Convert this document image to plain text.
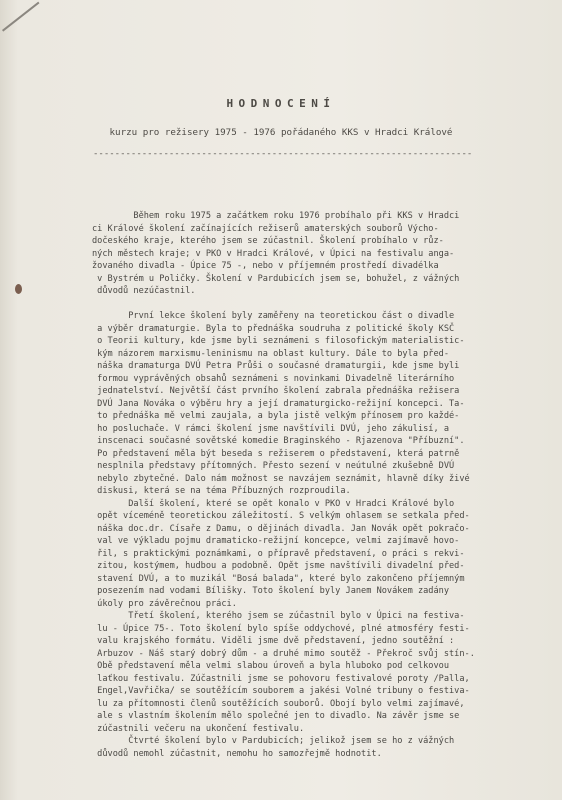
HODNOCENÍ
kurzu pro režisery 1975 - 1976 pořádaného KKS v Hradci Králové
----------------------------------------------------------------------
Během roku 1975 a začátkem roku 1976 probíhalo při KKS v Hradci
ci Králové školení začínajících režiserů amaterských souborů Výcho-
dočeského kraje, kterého jsem se zúčastnil. Školení probíhalo v růz-
ných městech kraje; v PKO v Hradci Králové, v Úpici na festivalu anga-
žovaného divadla - Úpice 75 -, nebo v příjemném prostředí divadélka
v Bystrém u Poličky. Školení v Pardubicích jsem se, bohužel, z vážných
důvodů nezúčastnil.

První lekce školení byly zaměřeny na teoretickou část o divadle
a výběr dramaturgie. Byla to přednáška soudruha z politické školy KSČ
o Teorii kultury, kde jsme byli seznámeni s filosofickým materialistic-
kým názorem marxismu-leninismu na oblast kultury. Dále to byla před-
náška dramaturga DVÚ Petra Průši o současné dramaturgii, kde jsme byli
formou vyprávěných obsahů seznámeni s novinkami Divadelně literárního
jednatelství. Největší část prvního školení zabrala přednáška režisera
DVÚ Jana Nováka o výběru hry a její dramaturgicko-režijní koncepci. Ta-
to přednáška mě velmi zaujala, a byla jistě velkým přínosem pro každé-
ho posluchače. V rámci školení jsme navštívili DVÚ, jeho zákulisí, a
inscenaci současné sovětské komedie Braginského - Rjazenova "Příbuzní".
Po představení měla být beseda s režiserem o představení, která patrně
nesplnila představy přítomných. Přesto sezení v neútulné zkušebně DVÚ
nebylo zbytečné. Dalo nám možnost se navzájem seznámit, hlavně díky živé
diskusi, která se na téma Příbuzných rozproudila.
Další školení, které se opět konalo v PKO v Hradci Králové bylo
opět víceméně teoretickou záležitostí. S velkým ohlasem se setkala před-
náška doc.dr. Císaře z Damu, o dějinách divadla. Jan Novák opět pokračo-
val ve výkladu pojmu dramaticko-režijní koncepce, velmi zajímavě hovo-
řil, s praktickými poznámkami, o přípravě představení, o práci s rekvi-
zitou, kostýmem, hudbou a podobně. Opět jsme navštívili divadelní před-
stavení DVÚ, a to muzikál "Bosá balada", které bylo zakončeno příjemným
posezením nad vodami Bílišky. Toto školení byly Janem Novákem zadány
úkoly pro závěrečnou práci.
Třetí školení, kterého jsem se zúčastnil bylo v Úpici na festiva-
lu - Úpice 75-. Toto školení bylo spíše oddychové, plné atmosféry festi-
valu krajského formátu. Viděli jsme dvě představení, jedno soutěžní :
Arbuzov - Náš starý dobrý dům - a druhé mimo soutěž - Překroč svůj stín-.
Obě představení měla velmi slabou úroveň a byla hluboko pod celkovou
laťkou festivalu. Zúčastnili jsme se pohovoru festivalové poroty /Palla,
Engel,Vavřička/ se soutěžícím souborem a jakési Volné tribuny o festiva-
lu za přítomnosti členů soutěžících souborů. Obojí bylo velmi zajímavé,
ale s vlastním školením mělo společné jen to divadlo. Na závěr jsme se
zúčastnili večeru na ukončení festivalu.
Čtvrté školení bylo v Pardubicích; jelikož jsem se ho z vážných
důvodů nemohl zúčastnit, nemohu ho samozřejmě hodnotit.
